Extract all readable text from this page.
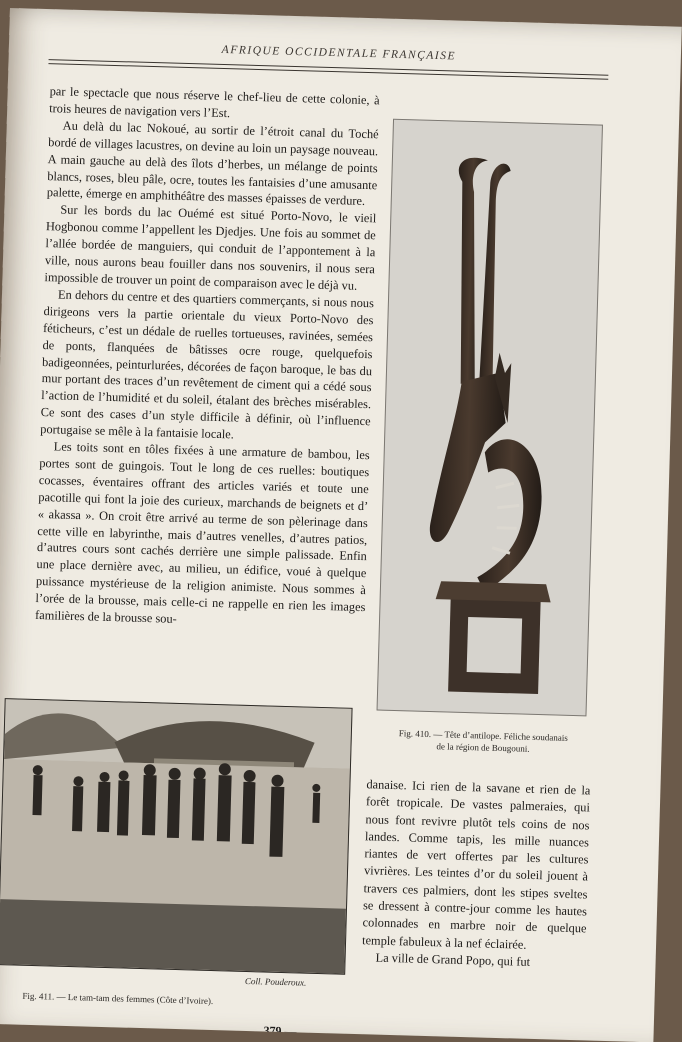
AFRIQUE OCCIDENTALE FRANÇAISE

par le spectacle que nous réserve le chef-lieu de cette colonie, à trois heures de navigation vers l’Est.

Au delà du lac Nokoué, au sortir de l’étroit canal du Toché bordé de villages lacustres, on devine au loin un paysage nouveau. A main gauche au delà des îlots d’herbes, un mélange de points blancs, roses, bleu pâle, ocre, toutes les fantaisies d’une amusante palette, émerge en amphithéâtre des masses épaisses de verdure.

Sur les bords du lac Ouémé est situé Porto-Novo, le vieil Hogbonou comme l’appellent les Djedjes. Une fois au sommet de l’allée bordée de manguiers, qui conduit de l’appontement à la ville, nous aurons beau fouiller dans nos souvenirs, il nous sera impossible de trouver un point de comparaison avec le déjà vu.

En dehors du centre et des quartiers commerçants, si nous nous dirigeons vers la partie orientale du vieux Porto-Novo des féticheurs, c’est un dédale de ruelles tortueuses, ravinées, semées de ponts, flanquées de bâtisses ocre rouge, quelquefois badigeonnées, peinturlurées, décorées de façon baroque, le bas du mur portant des traces d’un revêtement de ciment qui a cédé sous l’action de l’humidité et du soleil, étalant des brèches misérables. Ce sont des cases d’un style difficile à définir, où l’influence portugaise se mêle à la fantaisie locale.

Les toits sont en tôles fixées à une armature de bambou, les portes sont de guingois. Tout le long de ces ruelles: boutiques cocasses, éventaires offrant des articles variés et toute une pacotille qui font la joie des curieux, marchands de beignets et d’ « akassa ». On croit être arrivé au terme de son pèlerinage dans cette ville en labyrinthe, mais d’autres venelles, d’autres patios, d’autres cours sont cachés derrière une simple palissade. Enfin une place dernière avec, au milieu, un édifice, voué à quelque puissance mystérieuse de la religion animiste. Nous sommes à l’orée de la brousse, mais celle-ci ne rappelle en rien les images familières de la brousse sou-

Fig. 410. — Tête d’antilope. Féliche soudanais
de la région de Bougouni.
Coll. Pouderoux.
Fig. 411. — Le tam-tam des femmes (Côte d’Ivoire).

danaise. Ici rien de la savane et rien de la forêt tropicale. De vastes palmeraies, qui nous font revivre plutôt tels coins de nos landes. Comme tapis, les mille nuances riantes de vert offertes par les cultures vivrières. Les teintes d’or du soleil jouent à travers ces palmiers, dont les stipes sveltes se dressent à contre-jour comme les hautes colonnades en marbre noir de quelque temple fabuleux à la nef éclairée.

La ville de Grand Popo, qui fut

379 —
